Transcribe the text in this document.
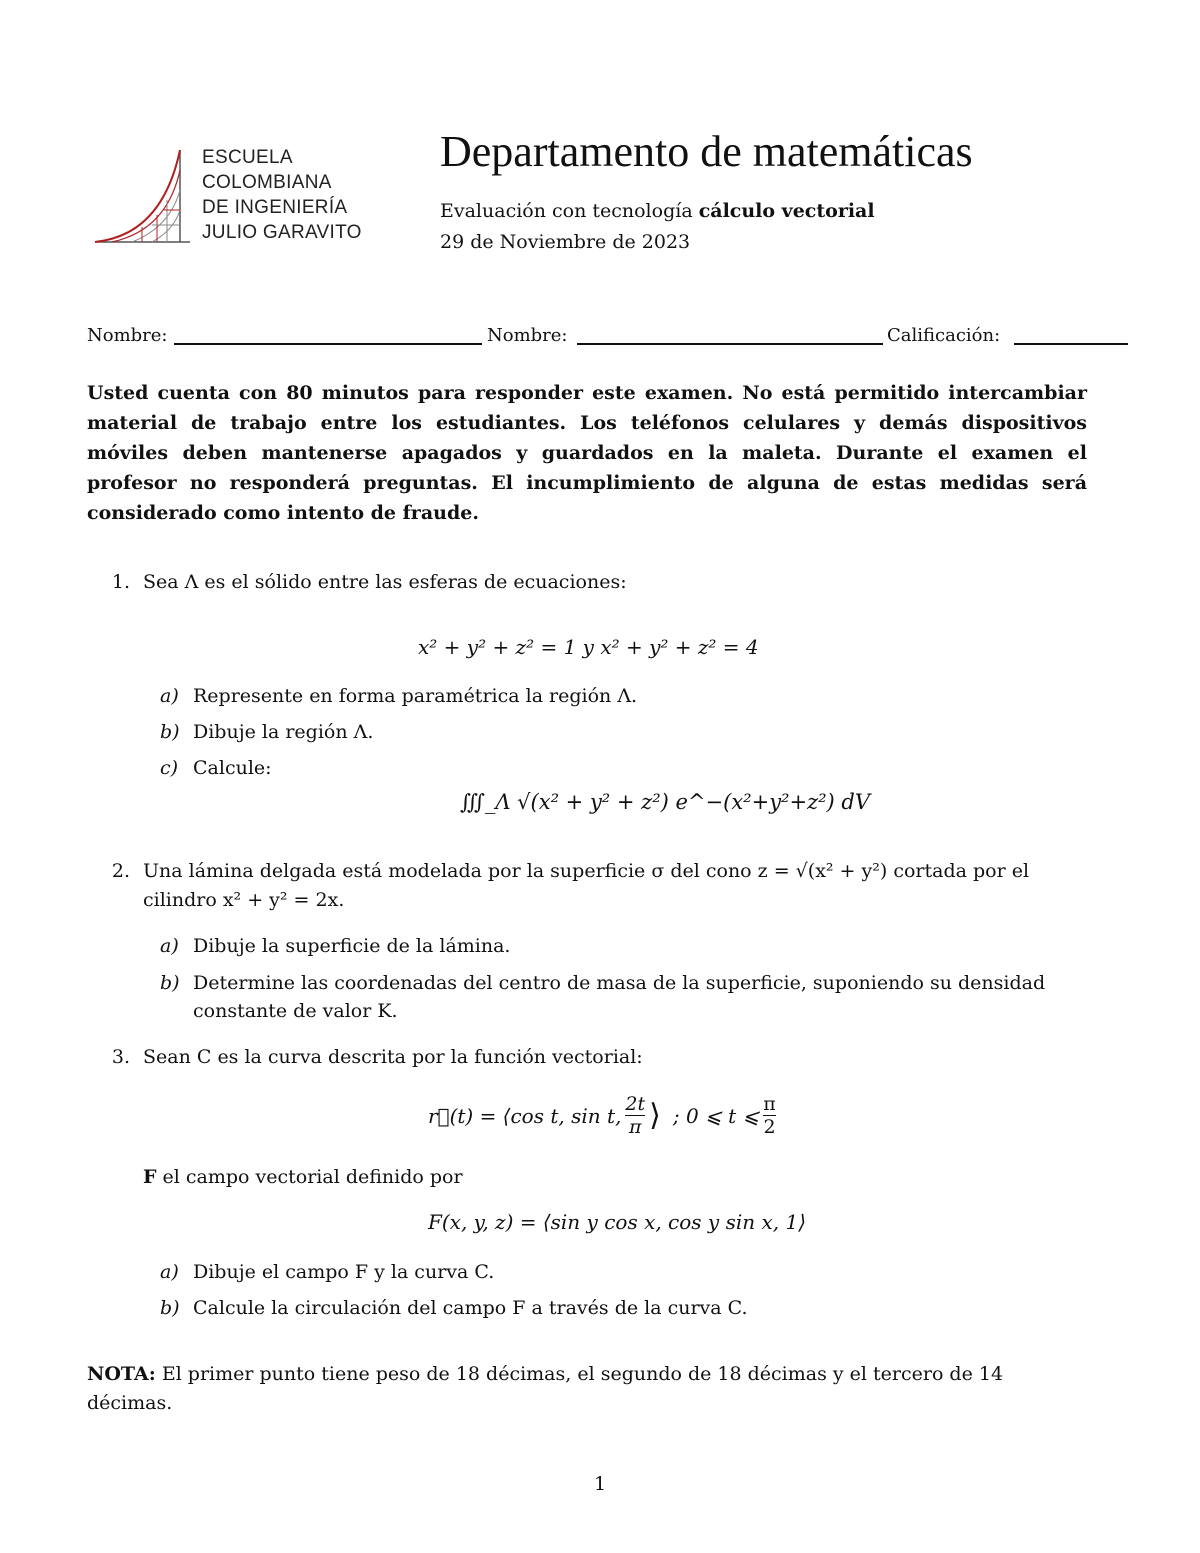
ESCUELA
COLOMBIANA
DE INGENIERÍA
JULIO GARAVITO
Departamento de matemáticas
Evaluación con tecnología cálculo vectorial
29 de Noviembre de 2023
Nombre:	Nombre:	Calificación:
Usted cuenta con 80 minutos para responder este examen. No está permitido intercambiar material de trabajo entre los estudiantes. Los teléfonos celulares y demás dispositivos móviles deben mantenerse apagados y guardados en la maleta. Durante el examen el profesor no responderá preguntas. El incumplimiento de alguna de estas medidas será considerado como intento de fraude.
1. Sea Λ es el sólido entre las esferas de ecuaciones:
x² + y² + z² = 1 y x² + y² + z² = 4
a) Represente en forma paramétrica la región Λ.
b) Dibuje la región Λ.
c) Calcule:
∭_Λ √(x² + y² + z²) e^−(x²+y²+z²) dV
2. Una lámina delgada está modelada por la superficie σ del cono z = √(x² + y²) cortada por el
cilindro x² + y² = 2x.
a) Dibuje la superficie de la lámina.
b) Determine las coordenadas del centro de masa de la superficie, suponiendo su densidad
constante de valor K.
3. Sean C es la curva descrita por la función vectorial:
r⃗(t) = ⟨cos t, sin t, $\frac{2t}{\pi}$ ⟩ ; 0 ⩽ t ⩽ $\frac{\pi}{2}$
F el campo vectorial definido por
F(x, y, z) = ⟨sin y cos x, cos y sin x, 1⟩
a) Dibuje el campo F y la curva C.
b) Calcule la circulación del campo F a través de la curva C.
NOTA: El primer punto tiene peso de 18 décimas, el segundo de 18 décimas y el tercero de 14
décimas.
1
